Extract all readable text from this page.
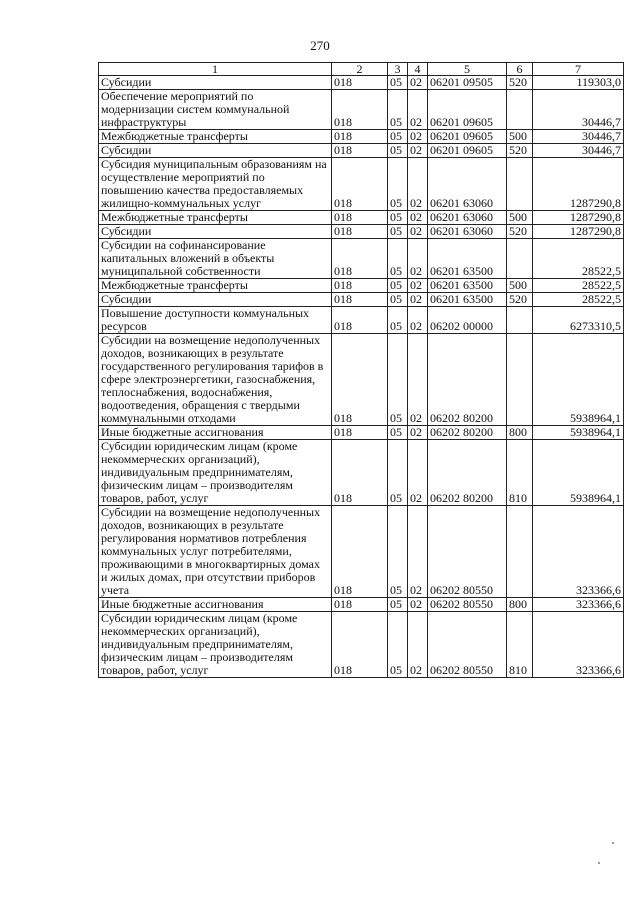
270
1	2	3	4	5	6	7
Субсидии	018	05	02	06201 09505	520	119303,0
Обеспечение мероприятий по модернизации систем коммунальной инфраструктуры	018	05	02	06201 09605		30446,7
Межбюджетные трансферты	018	05	02	06201 09605	500	30446,7
Субсидии	018	05	02	06201 09605	520	30446,7
Субсидия муниципальным образованиям на осуществление мероприятий по повышению качества предоставляемых жилищно-коммунальных услуг	018	05	02	06201 63060		1287290,8
Межбюджетные трансферты	018	05	02	06201 63060	500	1287290,8
Субсидии	018	05	02	06201 63060	520	1287290,8
Субсидии на софинансирование капитальных вложений в объекты муниципальной собственности	018	05	02	06201 63500		28522,5
Межбюджетные трансферты	018	05	02	06201 63500	500	28522,5
Субсидии	018	05	02	06201 63500	520	28522,5
Повышение доступности коммунальных ресурсов	018	05	02	06202 00000		6273310,5
Субсидии на возмещение недополученных доходов, возникающих в результате государственного регулирования тарифов в сфере электроэнергетики, газоснабжения, теплоснабжения, водоснабжения, водоотведения, обращения с твердыми коммунальными отходами	018	05	02	06202 80200		5938964,1
Иные бюджетные ассигнования	018	05	02	06202 80200	800	5938964,1
Субсидии юридическим лицам (кроме некоммерческих организаций), индивидуальным предпринимателям, физическим лицам – производителям товаров, работ, услуг	018	05	02	06202 80200	810	5938964,1
Субсидии на возмещение недополученных доходов, возникающих в результате регулирования нормативов потребления коммунальных услуг потребителями, проживающими в многоквартирных домах и жилых домах, при отсутствии приборов учета	018	05	02	06202 80550		323366,6
Иные бюджетные ассигнования	018	05	02	06202 80550	800	323366,6
Субсидии юридическим лицам (кроме некоммерческих организаций), индивидуальным предпринимателям, физическим лицам – производителям товаров, работ, услуг	018	05	02	06202 80550	810	323366,6
